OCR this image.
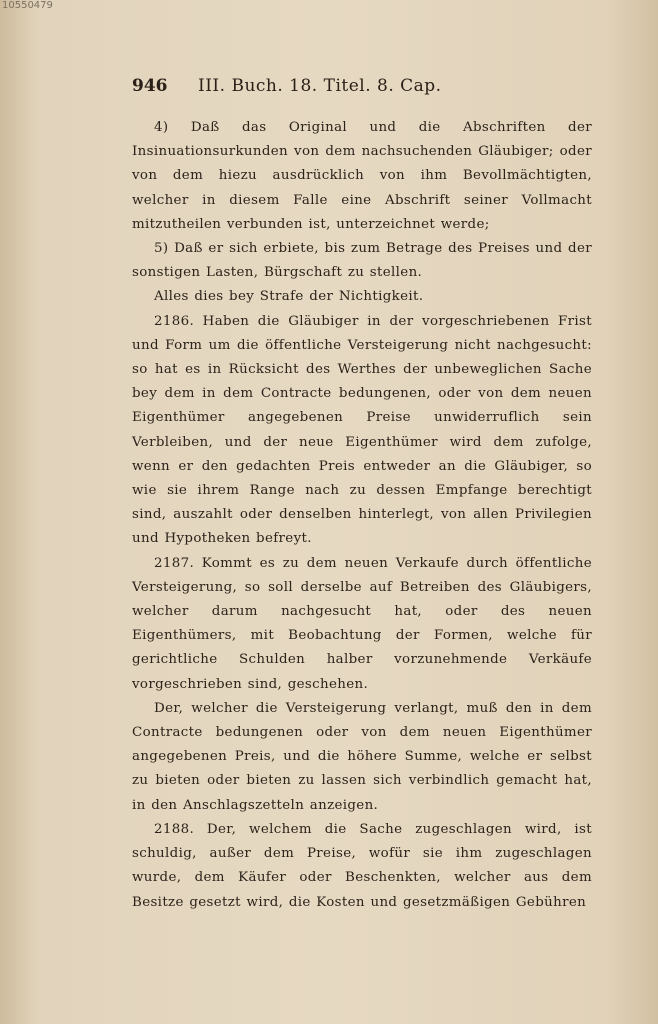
10550479
946 III. Buch. 18. Titel. 8. Cap.

4) Daß das Original und die Abschriften der Insinuationsurkunden von dem nachsuchenden Gläubiger; oder von dem hiezu ausdrücklich von ihm Bevollmächtigten, welcher in diesem Falle eine Abschrift seiner Vollmacht mitzutheilen verbunden ist, unterzeichnet werde;

5) Daß er sich erbiete, bis zum Betrage des Preises und der sonstigen Lasten, Bürgschaft zu stellen.

Alles dies bey Strafe der Nichtigkeit.

2186. Haben die Gläubiger in der vorgeschriebenen Frist und Form um die öffentliche Versteigerung nicht nachgesucht: so hat es in Rücksicht des Werthes der unbeweglichen Sache bey dem in dem Contracte bedungenen, oder von dem neuen Eigenthümer angegebenen Preise unwiderruflich sein Verbleiben, und der neue Eigenthümer wird dem zufolge, wenn er den gedachten Preis entweder an die Gläubiger, so wie sie ihrem Range nach zu dessen Empfange berechtigt sind, auszahlt oder denselben hinterlegt, von allen Privilegien und Hypotheken befreyt.

2187. Kommt es zu dem neuen Verkaufe durch öffentliche Versteigerung, so soll derselbe auf Betreiben des Gläubigers, welcher darum nachgesucht hat, oder des neuen Eigenthümers, mit Beobachtung der Formen, welche für gerichtliche Schulden halber vorzunehmende Verkäufe vorgeschrieben sind, geschehen.

Der, welcher die Versteigerung verlangt, muß den in dem Contracte bedungenen oder von dem neuen Eigenthümer angegebenen Preis, und die höhere Summe, welche er selbst zu bieten oder bieten zu lassen sich verbindlich gemacht hat, in den Anschlagszetteln anzeigen.

2188. Der, welchem die Sache zugeschlagen wird, ist schuldig, außer dem Preise, wofür sie ihm zugeschlagen wurde, dem Käufer oder Beschenkten, welcher aus dem Besitze gesetzt wird, die Kosten und gesetzmäßigen Gebühren
